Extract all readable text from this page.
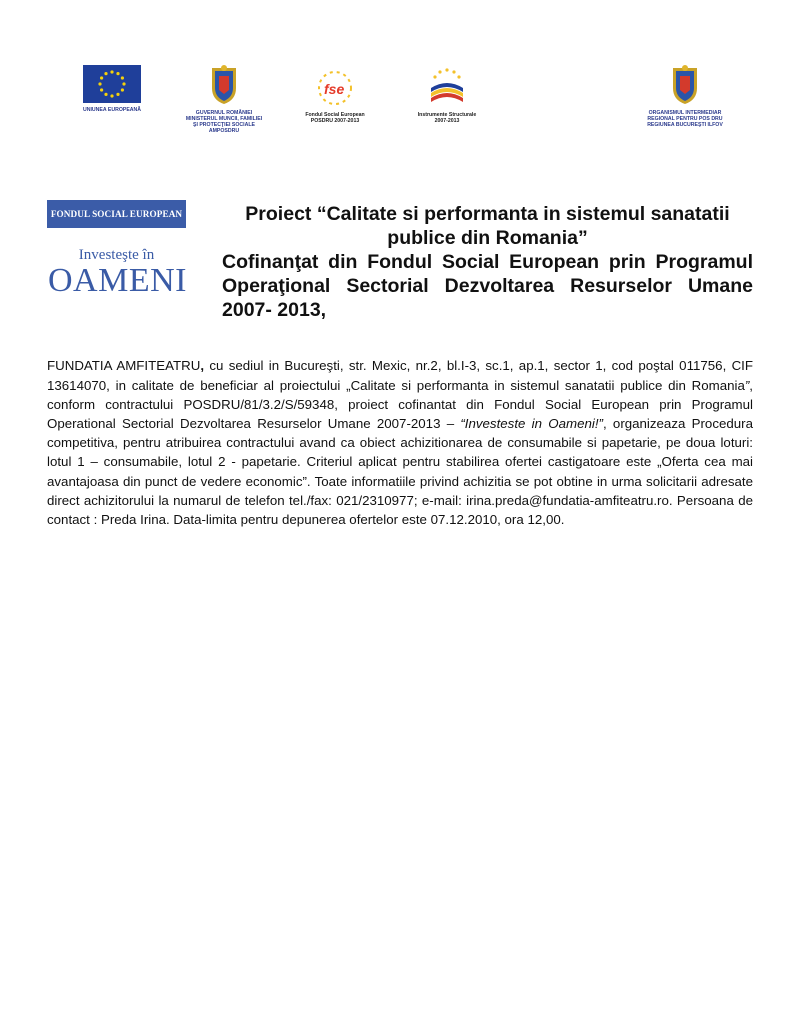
UNIUNEA EUROPEANĂ	GUVERNUL ROMÂNIEI
MINISTERUL MUNCII, FAMILIEI
ŞI PROTECŢIEI SOCIALE
AMPOSDRU
fse
Fondul Social European
POSDRU 2007-2013
Instrumente Structurale
2007-2013
ORGANISMUL INTERMEDIAR
REGIONAL PENTRU POS DRU
REGIUNEA BUCUREŞTI ILFOV
FONDUL SOCIAL EUROPEAN
Investeşte în
OAMENI
Proiect “Calitate si performanta in sistemul sanatatii publice din Romania”
Cofinanţat din Fondul Social European prin Programul Operaţional Sectorial Dezvoltarea Resurselor Umane 2007- 2013,

FUNDATIA AMFITEATRU, cu sediul in Bucureşti, str. Mexic, nr.2, bl.I-3, sc.1, ap.1, sector 1, cod poştal 011756, CIF 13614070, in calitate de beneficiar al proiectului „Calitate si performanta in sistemul sanatatii publice din Romania”, conform contractului POSDRU/81/3.2/S/59348, proiect cofinantat din Fondul Social European prin Programul Operational Sectorial Dezvoltarea Resurselor Umane 2007-2013 – “Investeste in Oameni!”, organizeaza Procedura competitiva, pentru atribuirea contractului avand ca obiect achizitionarea de consumabile si papetarie, pe doua loturi: lotul 1 – consumabile, lotul 2 - papetarie. Criteriul aplicat pentru stabilirea ofertei castigatoare este „Oferta cea mai avantajoasa din punct de vedere economic”. Toate informatiile privind achizitia se pot obtine in urma solicitarii adresate direct achizitorului la numarul de telefon tel./fax: 021/2310977; e-mail: irina.preda@fundatia-amfiteatru.ro. Persoana de contact : Preda Irina. Data-limita pentru depunerea ofertelor este 07.12.2010, ora 12,00.
